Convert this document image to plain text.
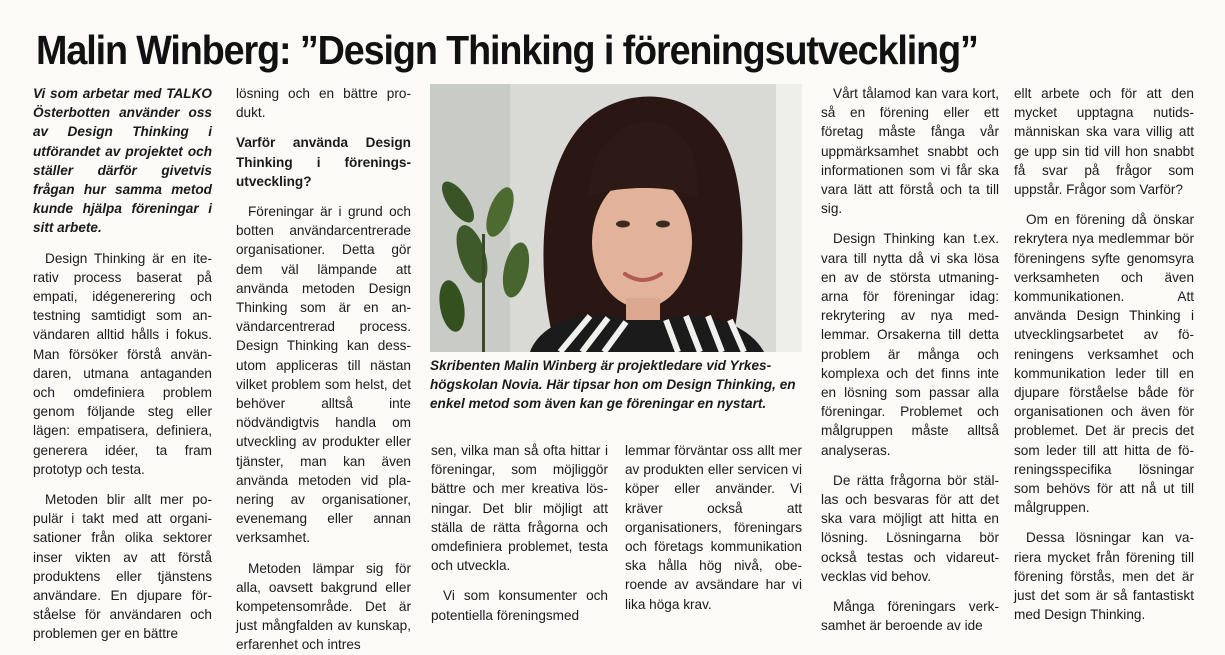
Malin Winberg: ”Design Thinking i föreningsutveckling”

Vi som arbetar med TALKO Österbotten använder oss av Design Thinking i utförandet av projektet och ställer därför givetvis frågan hur samma metod kunde hjälpa föreningar i sitt arbete.

Design Thinking är en iterativ process baserat på empati, idégenerering och testning samtidigt som användaren alltid hålls i fokus. Man försöker förstå användaren, utmana antaganden och omdefiniera problem genom följande steg eller lägen: empatisera, definiera, generera idéer, ta fram prototyp och testa.

Metoden blir allt mer populär i takt med att organisationer från olika sektorer inser vikten av att förstå produktens eller tjänstens användare. En djupare förståelse för användaren och problemen ger en bättre

lösning och en bättre produkt.

Varför använda Design Thinking i föreningsutveckling?

Föreningar är i grund och botten användarcentrerade organisationer. Detta gör dem väl lämpande att använda metoden Design Thinking som är en användarcentrerad process. Design Thinking kan dessutom appliceras till nästan vilket problem som helst, det behöver alltså inte nödvändigtvis handla om utveckling av produkter eller tjänster, man kan även använda metoden vid planering av organisationer, evenemang eller annan verksamhet.

Metoden lämpar sig för alla, oavsett bakgrund eller kompetensområde. Det är just mångfalden av kunskap, erfarenhet och intres

Skribenten Malin Winberg är projektledare vid Yrkeshögskolan Novia. Här tipsar hon om Design Thinking, en enkel metod som även kan ge föreningar en nystart.

sen, vilka man så ofta hittar i föreningar, som möjliggör bättre och mer kreativa lösningar. Det blir möjligt att ställa de rätta frågorna och omdefiniera problemet, testa och utveckla.

Vi som konsumenter och potentiella föreningsmed

lemmar förväntar oss allt mer av produkten eller servicen vi köper eller använder. Vi kräver också att organisationers, föreningars och företags kommunikation ska hålla hög nivå, oberoende av avsändare har vi lika höga krav.

Vårt tålamod kan vara kort, så en förening eller ett företag måste fånga vår uppmärksamhet snabbt och informationen som vi får ska vara lätt att förstå och ta till sig.

Design Thinking kan t.ex. vara till nytta då vi ska lösa en av de största utmaningarna för föreningar idag: rekrytering av nya medlemmar. Orsakerna till detta problem är många och komplexa och det finns inte en lösning som passar alla föreningar. Problemet och målgruppen måste alltså analyseras.

De rätta frågorna bör ställas och besvaras för att det ska vara möjligt att hitta en lösning. Lösningarna bör också testas och vidareutvecklas vid behov.

Många föreningars verksamhet är beroende av ide

ellt arbete och för att den mycket upptagna nutidsmänniskan ska vara villig att ge upp sin tid vill hon snabbt få svar på frågor som uppstår. Frågor som Varför?

Om en förening då önskar rekrytera nya medlemmar bör föreningens syfte genomsyra verksamheten och även kommunikationen. Att använda Design Thinking i utvecklingsarbetet av föreningens verksamhet och kommunikation leder till en djupare förståelse både för organisationen och även för problemet. Det är precis det som leder till att hitta de föreningsspecifika lösningar som behövs för att nå ut till målgruppen.

Dessa lösningar kan variera mycket från förening till förening förstås, men det är just det som är så fantastiskt med Design Thinking.
